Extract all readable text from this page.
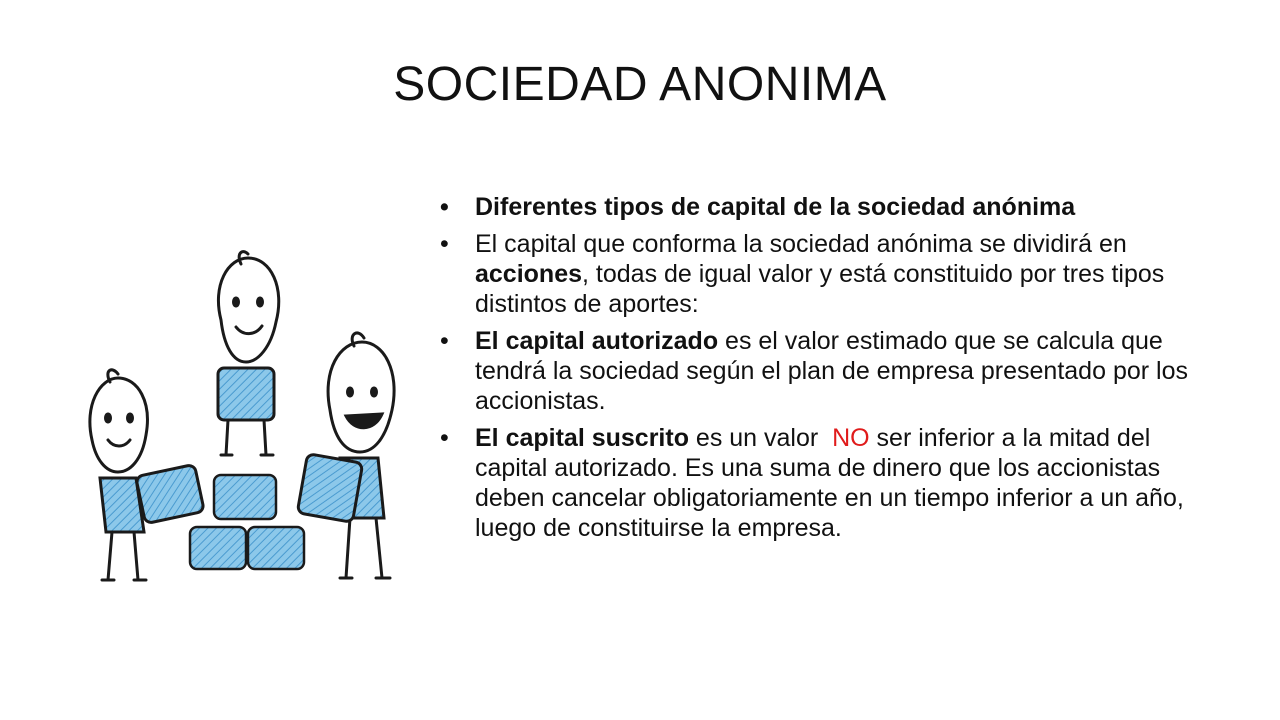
SOCIEDAD ANONIMA
• Diferentes tipos de capital de la sociedad anónima
• El capital que conforma la sociedad anónima se dividirá en acciones, todas de igual valor y está constituido por tres tipos distintos de aportes:
• El capital autorizado es el valor estimado que se calcula que tendrá la sociedad según el plan de empresa presentado por los accionistas.
• El capital suscrito es un valor  NO ser inferior a la mitad del capital autorizado. Es una suma de dinero que los accionistas deben cancelar obligatoriamente en un tiempo inferior a un año, luego de constituirse la empresa.
